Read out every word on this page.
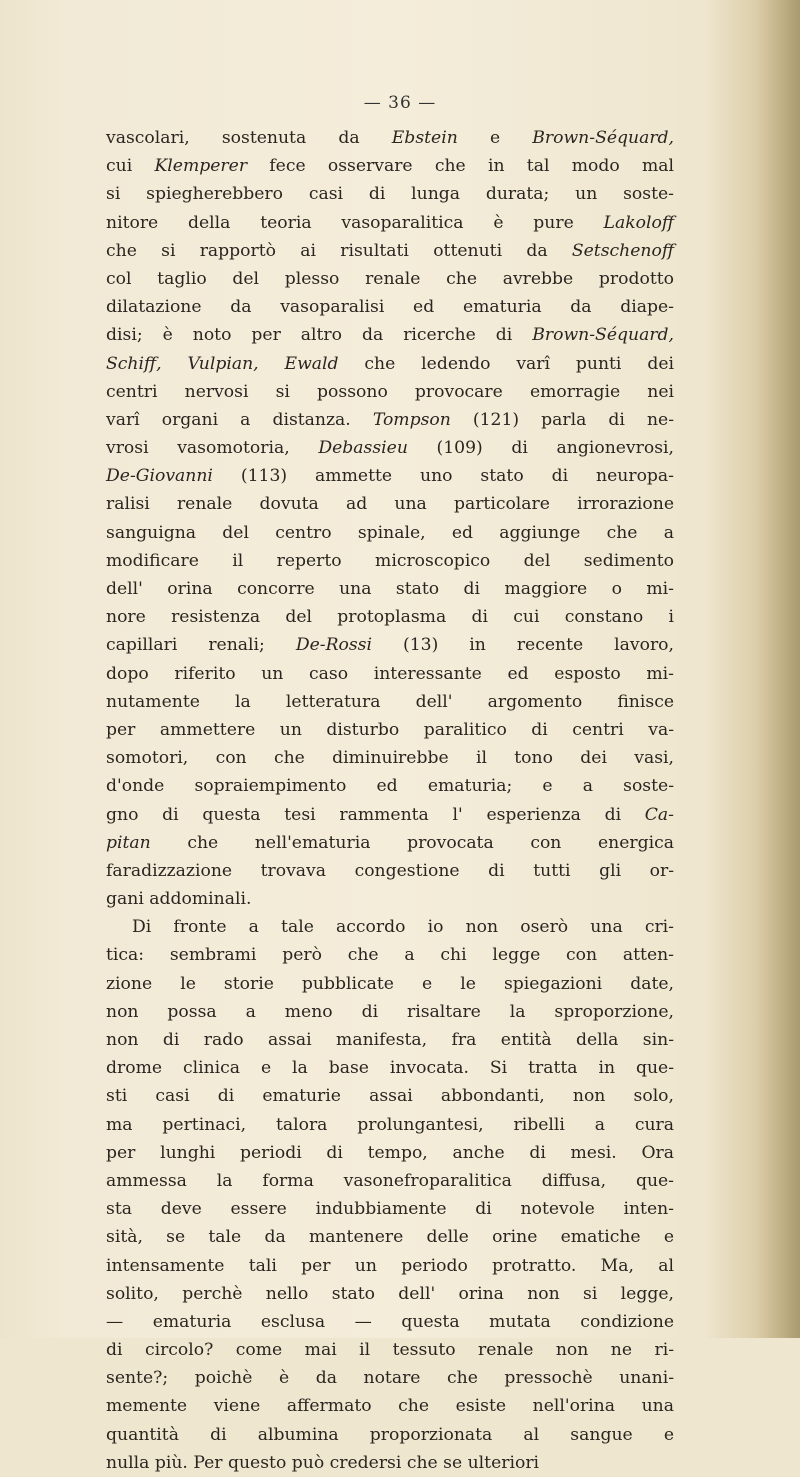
— 36 —
vascolari, sostenuta da Ebstein e Brown-Séquard,
cui Klemperer fece osservare che in tal modo mal
si spiegherebbero casi di lunga durata; un soste-
nitore della teoria vasoparalitica è pure Lakoloff
che si rapportò ai risultati ottenuti da Setschenoff
col taglio del plesso renale che avrebbe prodotto
dilatazione da vasoparalisi ed ematuria da diape-
disi; è noto per altro da ricerche di Brown-Séquard,
Schiff, Vulpian, Ewald che ledendo varî punti dei
centri nervosi si possono provocare emorragie nei
varî organi a distanza. Tompson (121) parla di ne-
vrosi vasomotoria, Debassieu (109) di angionevrosi,
De-Giovanni (113) ammette uno stato di neuropa-
ralisi renale dovuta ad una particolare irrorazione
sanguigna del centro spinale, ed aggiunge che a
modificare il reperto microscopico del sedimento
dell' orina concorre una stato di maggiore o mi-
nore resistenza del protoplasma di cui constano i
capillari renali; De-Rossi (13) in recente lavoro,
dopo riferito un caso interessante ed esposto mi-
nutamente la letteratura dell' argomento finisce
per ammettere un disturbo paralitico di centri va-
somotori, con che diminuirebbe il tono dei vasi,
d'onde sopraiempimento ed ematuria; e a soste-
gno di questa tesi rammenta l' esperienza di Ca-
pitan che nell'ematuria provocata con energica
faradizzazione trovava congestione di tutti gli or-
gani addominali.
Di fronte a tale accordo io non oserò una cri-
tica: sembrami però che a chi legge con atten-
zione le storie pubblicate e le spiegazioni date,
non possa a meno di risaltare la sproporzione,
non di rado assai manifesta, fra entità della sin-
drome clinica e la base invocata. Si tratta in que-
sti casi di ematurie assai abbondanti, non solo,
ma pertinaci, talora prolungantesi, ribelli a cura
per lunghi periodi di tempo, anche di mesi. Ora
ammessa la forma vasonefroparalitica diffusa, que-
sta deve essere indubbiamente di notevole inten-
sità, se tale da mantenere delle orine ematiche e
intensamente tali per un periodo protratto. Ma, al
solito, perchè nello stato dell' orina non si legge,
— ematuria esclusa — questa mutata condizione
di circolo? come mai il tessuto renale non ne ri-
sente?; poichè è da notare che pressochè unani-
memente viene affermato che esiste nell'orina una
quantità di albumina proporzionata al sangue e
nulla più. Per questo può credersi che se ulteriori
